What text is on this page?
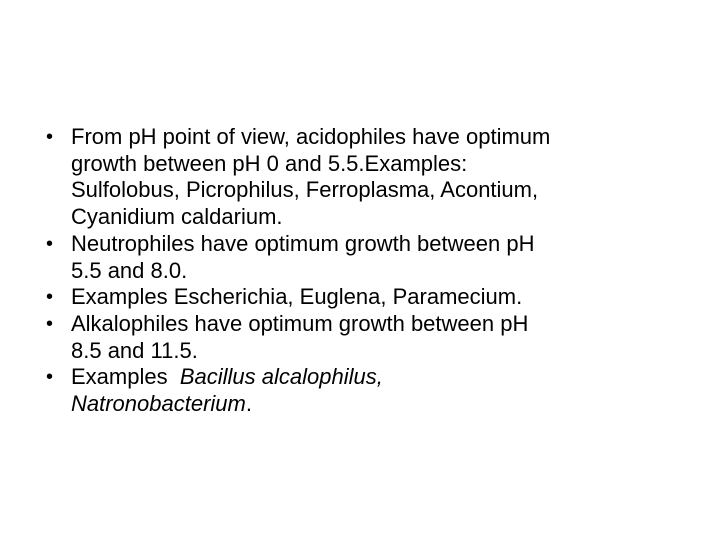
• From pH point of view, acidophiles have optimum
growth between pH 0 and 5.5.Examples:
Sulfolobus, Picrophilus, Ferroplasma, Acontium,
Cyanidium caldarium.
• Neutrophiles have optimum growth between pH
5.5 and 8.0.
• Examples Escherichia, Euglena, Paramecium.
• Alkalophiles have optimum growth between pH
8.5 and 11.5.
• Examples  Bacillus alcalophilus,
Natronobacterium.
